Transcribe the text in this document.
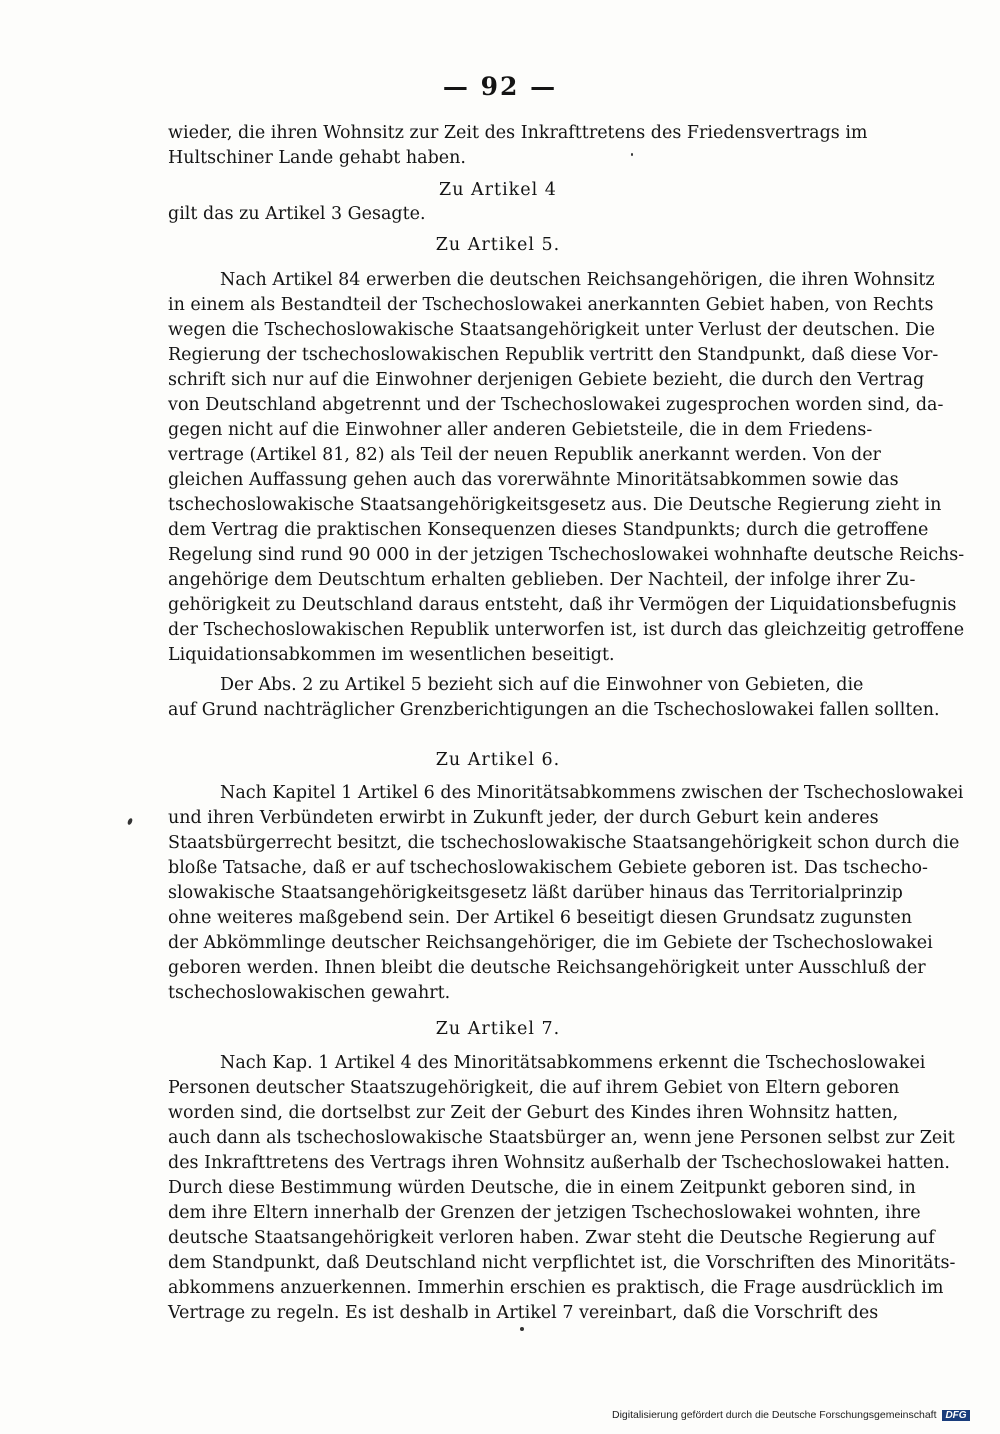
— 92 —
wieder, die ihren Wohnsitz zur Zeit des Inkrafttretens des Friedensvertrags im
Hultschiner Lande gehabt haben.
Zu Artikel 4
gilt das zu Artikel 3 Gesagte.
Zu Artikel 5.
Nach Artikel 84 erwerben die deutschen Reichsangehörigen, die ihren Wohnsitz
in einem als Bestandteil der Tschechoslowakei anerkannten Gebiet haben, von Rechts
wegen die Tschechoslowakische Staatsangehörigkeit unter Verlust der deutschen. Die
Regierung der tschechoslowakischen Republik vertritt den Standpunkt, daß diese Vor-
schrift sich nur auf die Einwohner derjenigen Gebiete bezieht, die durch den Vertrag
von Deutschland abgetrennt und der Tschechoslowakei zugesprochen worden sind, da-
gegen nicht auf die Einwohner aller anderen Gebietsteile, die in dem Friedens-
vertrage (Artikel 81, 82) als Teil der neuen Republik anerkannt werden. Von der
gleichen Auffassung gehen auch das vorerwähnte Minoritätsabkommen sowie das
tschechoslowakische Staatsangehörigkeitsgesetz aus. Die Deutsche Regierung zieht in
dem Vertrag die praktischen Konsequenzen dieses Standpunkts; durch die getroffene
Regelung sind rund 90 000 in der jetzigen Tschechoslowakei wohnhafte deutsche Reichs-
angehörige dem Deutschtum erhalten geblieben. Der Nachteil, der infolge ihrer Zu-
gehörigkeit zu Deutschland daraus entsteht, daß ihr Vermögen der Liquidationsbefugnis
der Tschechoslowakischen Republik unterworfen ist, ist durch das gleichzeitig getroffene
Liquidationsabkommen im wesentlichen beseitigt.
Der Abs. 2 zu Artikel 5 bezieht sich auf die Einwohner von Gebieten, die
auf Grund nachträglicher Grenzberichtigungen an die Tschechoslowakei fallen sollten.
Zu Artikel 6.
Nach Kapitel 1 Artikel 6 des Minoritätsabkommens zwischen der Tschechoslowakei
und ihren Verbündeten erwirbt in Zukunft jeder, der durch Geburt kein anderes
Staatsbürgerrecht besitzt, die tschechoslowakische Staatsangehörigkeit schon durch die
bloße Tatsache, daß er auf tschechoslowakischem Gebiete geboren ist. Das tschecho-
slowakische Staatsangehörigkeitsgesetz läßt darüber hinaus das Territorialprinzip
ohne weiteres maßgebend sein. Der Artikel 6 beseitigt diesen Grundsatz zugunsten
der Abkömmlinge deutscher Reichsangehöriger, die im Gebiete der Tschechoslowakei
geboren werden. Ihnen bleibt die deutsche Reichsangehörigkeit unter Ausschluß der
tschechoslowakischen gewahrt.
Zu Artikel 7.
Nach Kap. 1 Artikel 4 des Minoritätsabkommens erkennt die Tschechoslowakei
Personen deutscher Staatszugehörigkeit, die auf ihrem Gebiet von Eltern geboren
worden sind, die dortselbst zur Zeit der Geburt des Kindes ihren Wohnsitz hatten,
auch dann als tschechoslowakische Staatsbürger an, wenn jene Personen selbst zur Zeit
des Inkrafttretens des Vertrags ihren Wohnsitz außerhalb der Tschechoslowakei hatten.
Durch diese Bestimmung würden Deutsche, die in einem Zeitpunkt geboren sind, in
dem ihre Eltern innerhalb der Grenzen der jetzigen Tschechoslowakei wohnten, ihre
deutsche Staatsangehörigkeit verloren haben. Zwar steht die Deutsche Regierung auf
dem Standpunkt, daß Deutschland nicht verpflichtet ist, die Vorschriften des Minoritäts-
abkommens anzuerkennen. Immerhin erschien es praktisch, die Frage ausdrücklich im
Vertrage zu regeln. Es ist deshalb in Artikel 7 vereinbart, daß die Vorschrift des
Digitalisierung gefördert durch die Deutsche Forschungsgemeinschaft DFG
